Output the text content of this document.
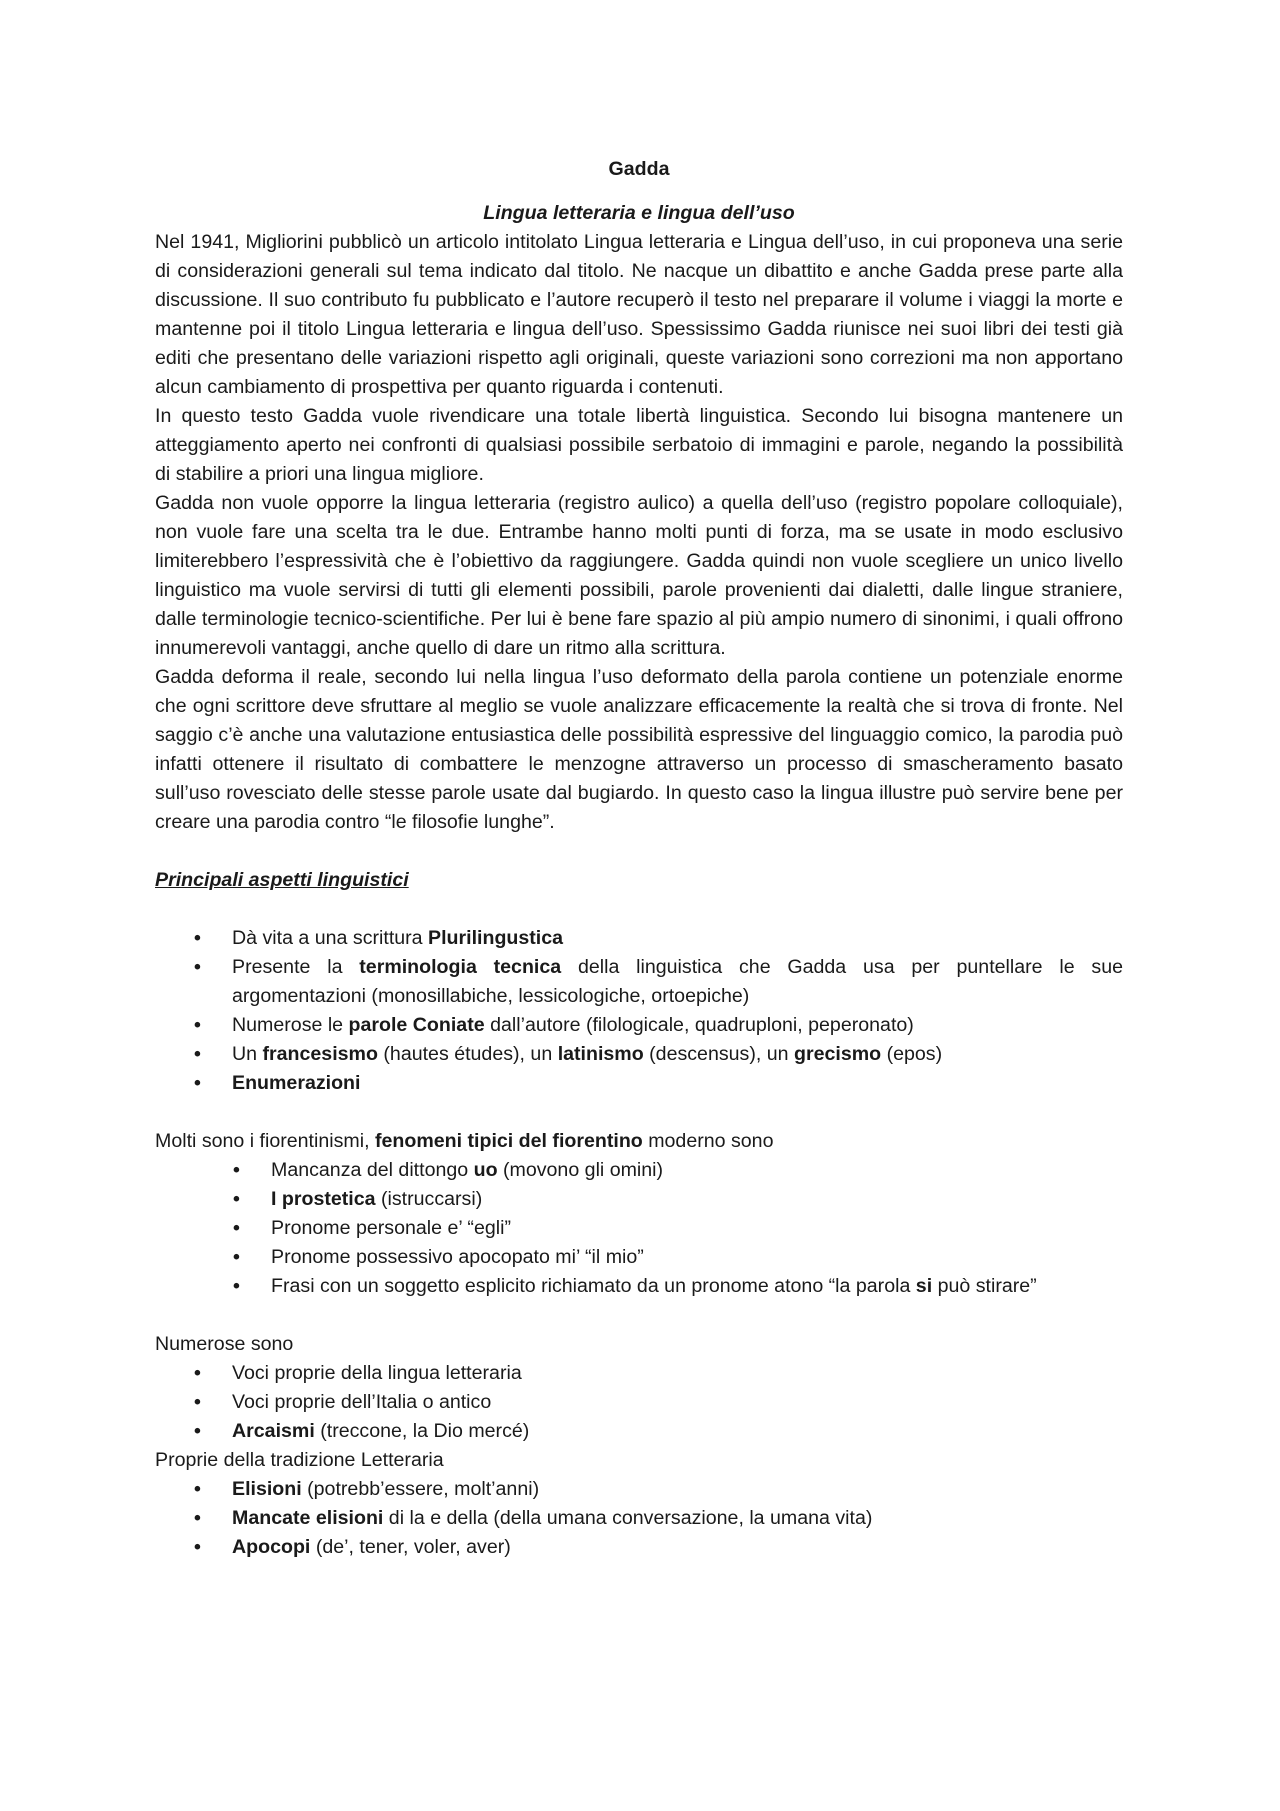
Gadda

Lingua letteraria e lingua dell’uso

Nel 1941, Migliorini pubblicò un articolo intitolato Lingua letteraria e Lingua dell’uso, in cui proponeva una serie di considerazioni generali sul tema indicato dal titolo. Ne nacque un dibattito e anche Gadda prese parte alla discussione. Il suo contributo fu pubblicato e l’autore recuperò il testo nel preparare il volume i viaggi la morte e mantenne poi il titolo Lingua letteraria e lingua dell’uso. Spessissimo Gadda riunisce nei suoi libri dei testi già editi che presentano delle variazioni rispetto agli originali, queste variazioni sono correzioni ma non apportano alcun cambiamento di prospettiva per quanto riguarda i contenuti.

In questo testo Gadda vuole rivendicare una totale libertà linguistica. Secondo lui bisogna mantenere un atteggiamento aperto nei confronti di qualsiasi possibile serbatoio di immagini e parole, negando la possibilità di stabilire a priori una lingua migliore.

Gadda non vuole opporre la lingua letteraria (registro aulico) a quella dell’uso (registro popolare colloquiale), non vuole fare una scelta tra le due. Entrambe hanno molti punti di forza, ma se usate in modo esclusivo limiterebbero l’espressività che è l’obiettivo da raggiungere. Gadda quindi non vuole scegliere un unico livello linguistico ma vuole servirsi di tutti gli elementi possibili, parole provenienti dai dialetti, dalle lingue straniere, dalle terminologie tecnico-scientifiche. Per lui è bene fare spazio al più ampio numero di sinonimi, i quali offrono innumerevoli vantaggi, anche quello di dare un ritmo alla scrittura.

Gadda deforma il reale, secondo lui nella lingua l’uso deformato della parola contiene un potenziale enorme che ogni scrittore deve sfruttare al meglio se vuole analizzare efficacemente la realtà che si trova di fronte. Nel saggio c’è anche una valutazione entusiastica delle possibilità espressive del linguaggio comico, la parodia può infatti ottenere il risultato di combattere le menzogne attraverso un processo di smascheramento basato sull’uso rovesciato delle stesse parole usate dal bugiardo. In questo caso la lingua illustre può servire bene per creare una parodia contro “le filosofie lunghe”.

Principali aspetti linguistici

• Dà vita a una scrittura Plurilingustica
• Presente la terminologia tecnica della linguistica che Gadda usa per puntellare le sue argomentazioni (monosillabiche, lessicologiche, ortoepiche)
• Numerose le parole Coniate dall’autore (filologicale, quadruploni, peperonato)
• Un francesismo (hautes études), un latinismo (descensus), un grecismo (epos)
• Enumerazioni

Molti sono i fiorentinismi, fenomeni tipici del fiorentino moderno sono

• Mancanza del dittongo uo (movono gli omini)
• I prostetica (istruccarsi)
• Pronome personale e’ “egli”
• Pronome possessivo apocopato mi’ “il mio”
• Frasi con un soggetto esplicito richiamato da un pronome atono “la parola si può stirare”

Numerose sono

• Voci proprie della lingua letteraria
• Voci proprie dell’Italia o antico
• Arcaismi (treccone, la Dio mercé)

Proprie della tradizione Letteraria

• Elisioni (potrebb’essere, molt’anni)
• Mancate elisioni di la e della (della umana conversazione, la umana vita)
• Apocopi (de’, tener, voler, aver)
